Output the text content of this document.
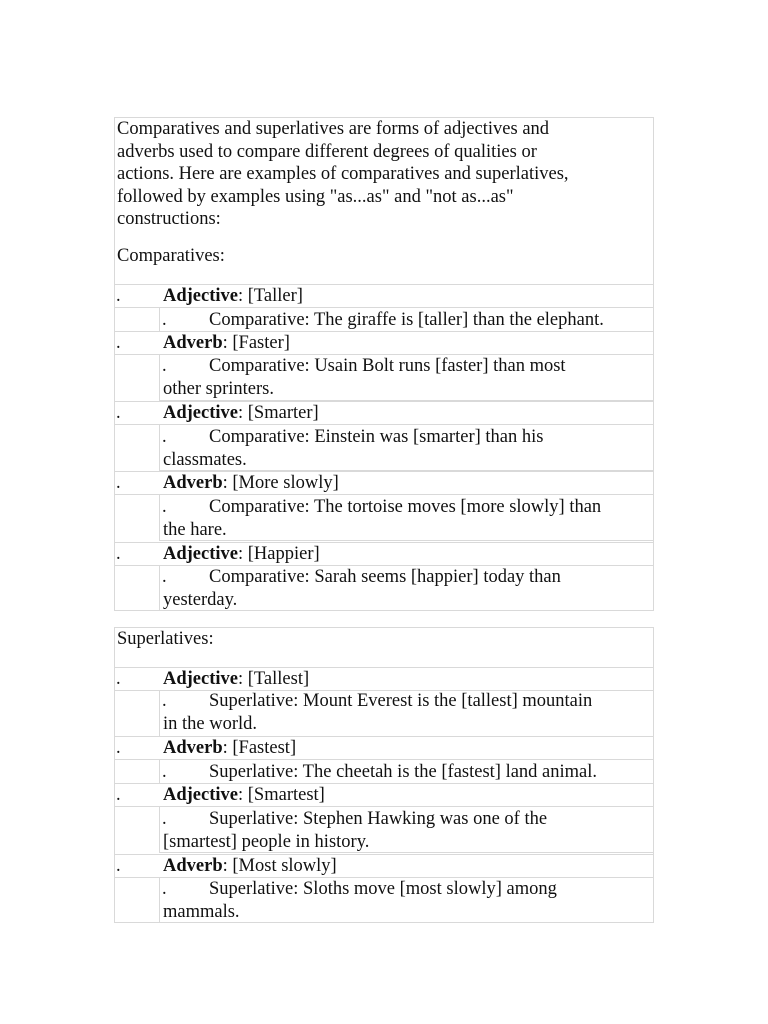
Comparatives and superlatives are forms of adjectives and
adverbs used to compare different degrees of qualities or
actions. Here are examples of comparatives and superlatives,
followed by examples using "as...as" and "not as...as"
constructions:
Comparatives:
. Adjective: [Taller]
. Comparative: The giraffe is [taller] than the elephant.
. Adverb: [Faster]
. Comparative: Usain Bolt runs [faster] than most
other sprinters.
. Adjective: [Smarter]
. Comparative: Einstein was [smarter] than his
classmates.
. Adverb: [More slowly]
. Comparative: The tortoise moves [more slowly] than
the hare.
. Adjective: [Happier]
. Comparative: Sarah seems [happier] today than
yesterday.
Superlatives:
. Adjective: [Tallest]
. Superlative: Mount Everest is the [tallest] mountain
in the world.
. Adverb: [Fastest]
. Superlative: The cheetah is the [fastest] land animal.
. Adjective: [Smartest]
. Superlative: Stephen Hawking was one of the
[smartest] people in history.
. Adverb: [Most slowly]
. Superlative: Sloths move [most slowly] among
mammals.
